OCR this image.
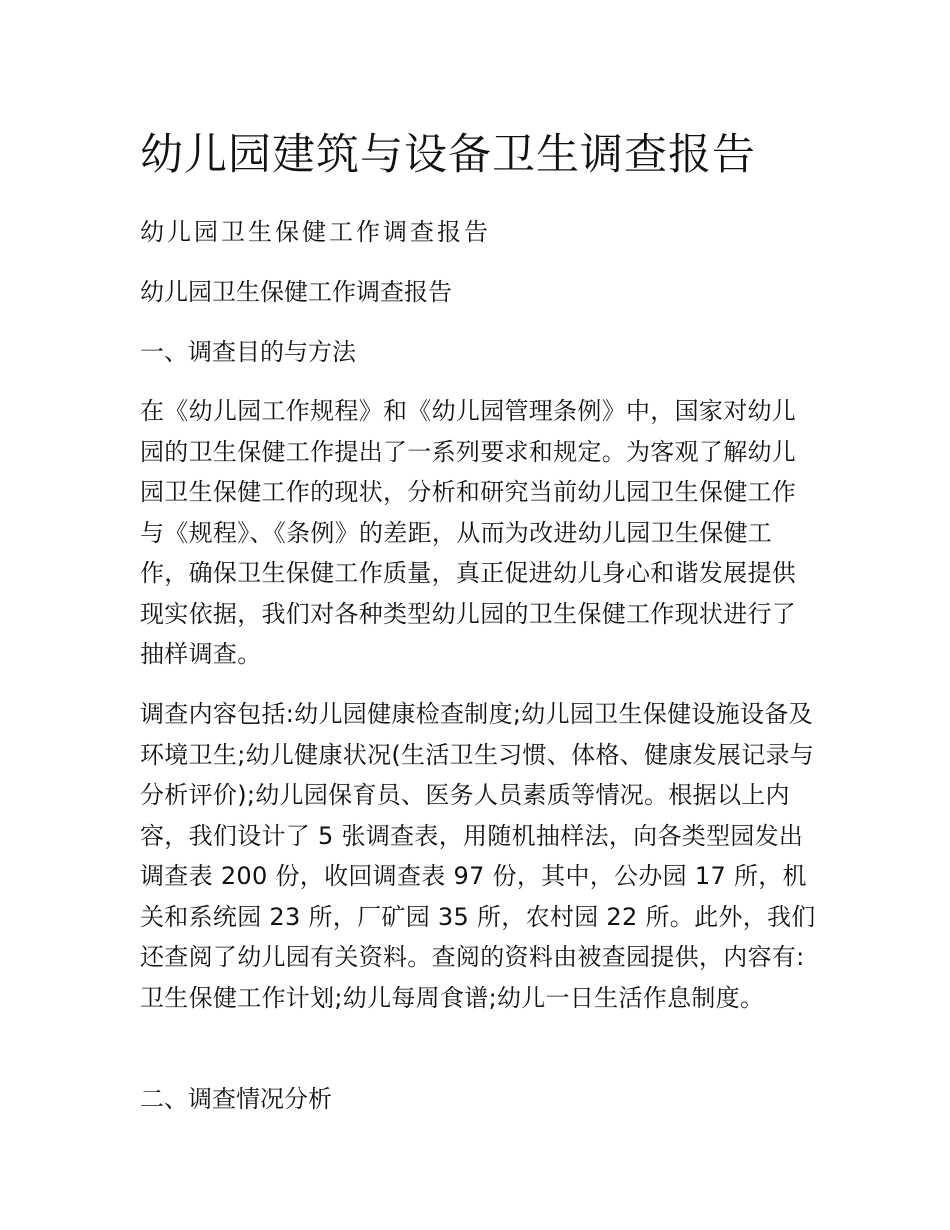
幼儿园建筑与设备卫生调查报告

幼儿园卫生保健工作调查报告

幼儿园卫生保健工作调查报告

一、调查目的与方法

在《幼儿园工作规程》和《幼儿园管理条例》中，国家对幼儿园的卫生保健工作提出了一系列要求和规定。为客观了解幼儿园卫生保健工作的现状，分析和研究当前幼儿园卫生保健工作与《规程》、《条例》的差距，从而为改进幼儿园卫生保健工作，确保卫生保健工作质量，真正促进幼儿身心和谐发展提供现实依据，我们对各种类型幼儿园的卫生保健工作现状进行了抽样调查。

调查内容包括:幼儿园健康检查制度;幼儿园卫生保健设施设备及环境卫生;幼儿健康状况(生活卫生习惯、体格、健康发展记录与分析评价);幼儿园保育员、医务人员素质等情况。根据以上内容，我们设计了 5 张调查表，用随机抽样法，向各类型园发出调查表 200 份，收回调查表 97 份，其中，公办园 17 所，机关和系统园 23 所，厂矿园 35 所，农村园 22 所。此外，我们还查阅了幼儿园有关资料。查阅的资料由被查园提供，内容有:卫生保健工作计划;幼儿每周食谱;幼儿一日生活作息制度。

二、调查情况分析
